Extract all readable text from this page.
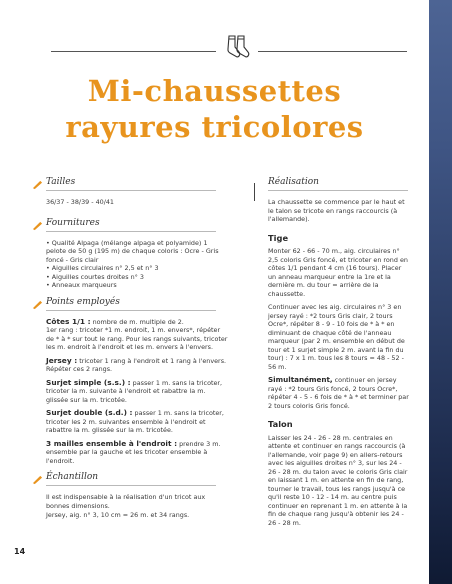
Mi-chaussettes
rayures tricolores
Tailles

36/37 - 38/39 - 40/41

Fournitures
• Qualité Alpaga (mélange alpaga et polyamide) 1 pelote de 50 g (195 m) de chaque coloris : Ocre - Gris foncé - Gris clair
• Aiguilles circulaires n° 2,5 et n° 3
• Aiguilles courtes droites n° 3
• Anneaux marqueurs
Points employés

Côtes 1/1 : nombre de m. multiple de 2.
1er rang : tricoter *1 m. endroit, 1 m. envers*, répéter de * à * sur tout le rang. Pour les rangs suivants, tricoter les m. endroit à l'endroit et les m. envers à l'envers.

Jersey : tricoter 1 rang à l'endroit et 1 rang à l'envers. Répéter ces 2 rangs.

Surjet simple (s.s.) : passer 1 m. sans la tricoter, tricoter la m. suivante à l'endroit et rabattre la m. glissée sur la m. tricotée.

Surjet double (s.d.) : passer 1 m. sans la tricoter, tricoter les 2 m. suivantes ensemble à l'endroit et rabattre la m. glissée sur la m. tricotée.

3 mailles ensemble à l'endroit : prendre 3 m. ensemble par la gauche et les tricoter ensemble à l'endroit.

Échantillon

Il est indispensable à la réalisation d'un tricot aux bonnes dimensions.

Jersey, aig. n° 3, 10 cm = 26 m. et 34 rangs.

Réalisation

La chaussette se commence par le haut et le talon se tricote en rangs raccourcis (à l'allemande).

Tige

Monter 62 - 66 - 70 m., aig. circulaires n° 2,5 coloris Gris foncé, et tricoter en rond en côtes 1/1 pendant 4 cm (16 tours). Placer un anneau marqueur entre la 1re et la dernière m. du tour = arrière de la chaussette.

Continuer avec les aig. circulaires n° 3 en jersey rayé : *2 tours Gris clair, 2 tours Ocre*, répéter 8 - 9 - 10 fois de * à * en diminuant de chaque côté de l'anneau marqueur (par 2 m. ensemble en début de tour et 1 surjet simple 2 m. avant la fin du tour) : 7 x 1 m. tous les 8 tours = 48 - 52 - 56 m.

Simultanément, continuer en jersey rayé : *2 tours Gris foncé, 2 tours Ocre*, répéter 4 - 5 - 6 fois de * à * et terminer par 2 tours coloris Gris foncé.

Talon

Laisser les 24 - 26 - 28 m. centrales en attente et continuer en rangs raccourcis (à l'allemande, voir page 9) en allers-retours avec les aiguilles droites n° 3, sur les 24 - 26 - 28 m. du talon avec le coloris Gris clair en laissant 1 m. en attente en fin de rang, tourner le travail, tous les rangs jusqu'à ce qu'il reste 10 - 12 - 14 m. au centre puis continuer en reprenant 1 m. en attente à la fin de chaque rang jusqu'à obtenir les 24 - 26 - 28 m.

14
